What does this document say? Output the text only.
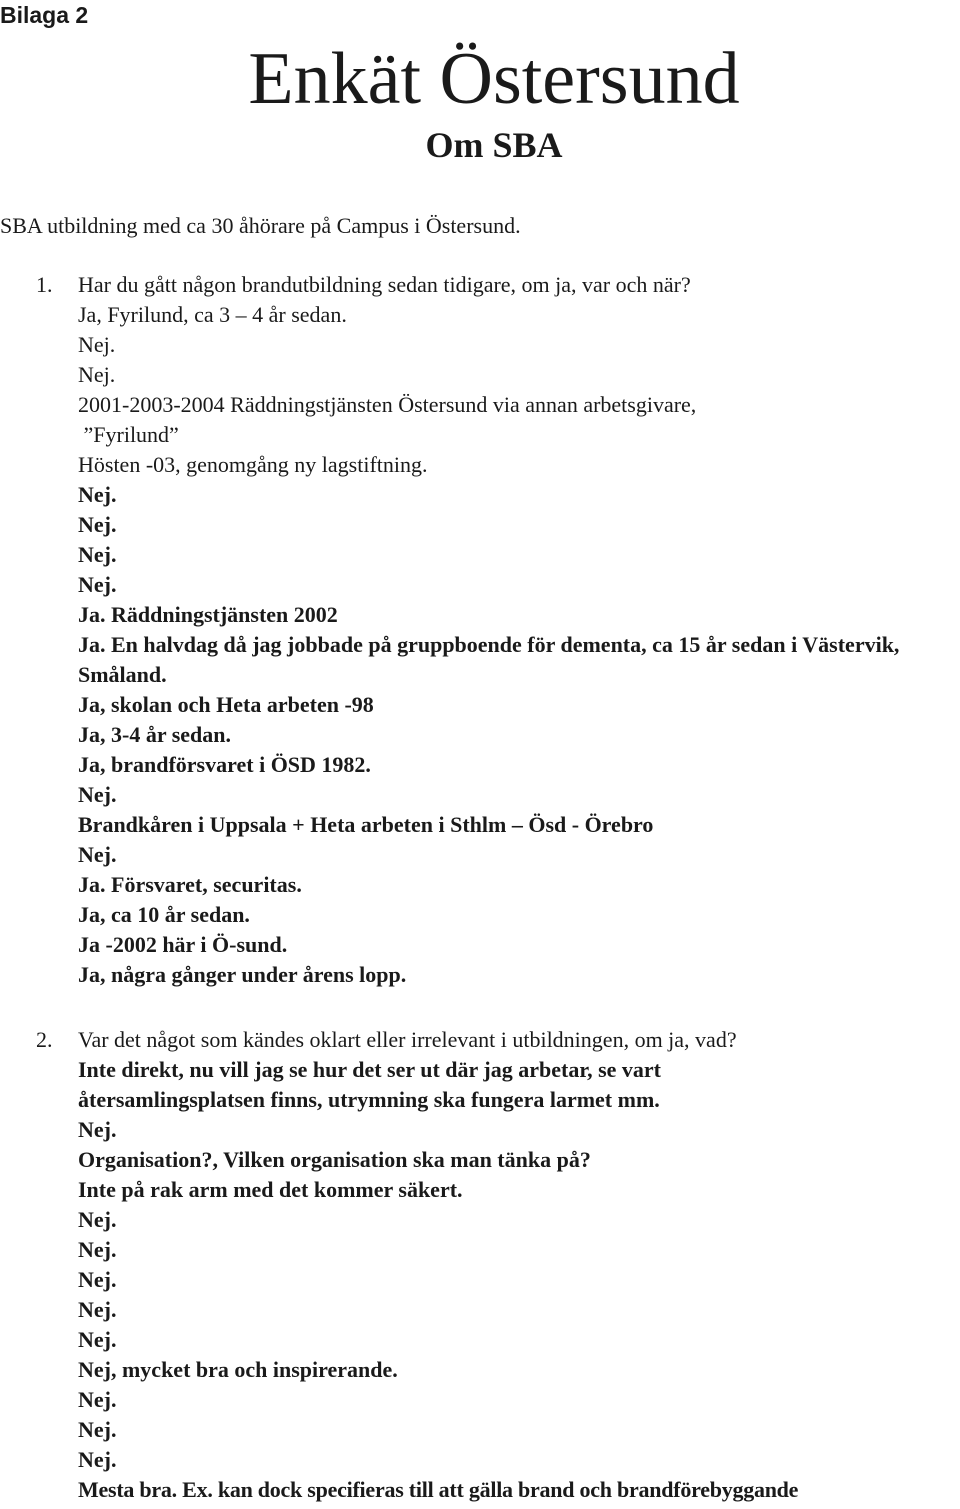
Bilaga 2
Enkät Östersund
Om SBA

SBA utbildning med ca 30 åhörare på Campus i Östersund.

1. Har du gått någon brandutbildning sedan tidigare, om ja, var och när?
Ja, Fyrilund, ca 3 – 4 år sedan.
Nej.
Nej.
2001-2003-2004 Räddningstjänsten Östersund via annan arbetsgivare,
”Fyrilund”
Hösten -03, genomgång ny lagstiftning.
Nej.
Nej.
Nej.
Nej.
Ja. Räddningstjänsten 2002
Ja. En halvdag då jag jobbade på gruppboende för dementa, ca 15 år sedan i Västervik, Småland.
Ja, skolan och Heta arbeten -98
Ja, 3-4 år sedan.
Ja, brandförsvaret i ÖSD 1982.
Nej.
Brandkåren i Uppsala + Heta arbeten i Sthlm – Ösd - Örebro
Nej.
Ja. Försvaret, securitas.
Ja, ca 10 år sedan.
Ja -2002 här i Ö-sund.
Ja, några gånger under årens lopp.
2. Var det något som kändes oklart eller irrelevant i utbildningen, om ja, vad?
Inte direkt, nu vill jag se hur det ser ut där jag arbetar, se vart återsamlingsplatsen finns, utrymning ska fungera larmet mm.
Nej.
Organisation?, Vilken organisation ska man tänka på?
Inte på rak arm med det kommer säkert.
Nej.
Nej.
Nej.
Nej.
Nej.
Nej, mycket bra och inspirerande.
Nej.
Nej.
Nej.
Mesta bra. Ex. kan dock specifieras till att gälla brand och brandförebyggande
